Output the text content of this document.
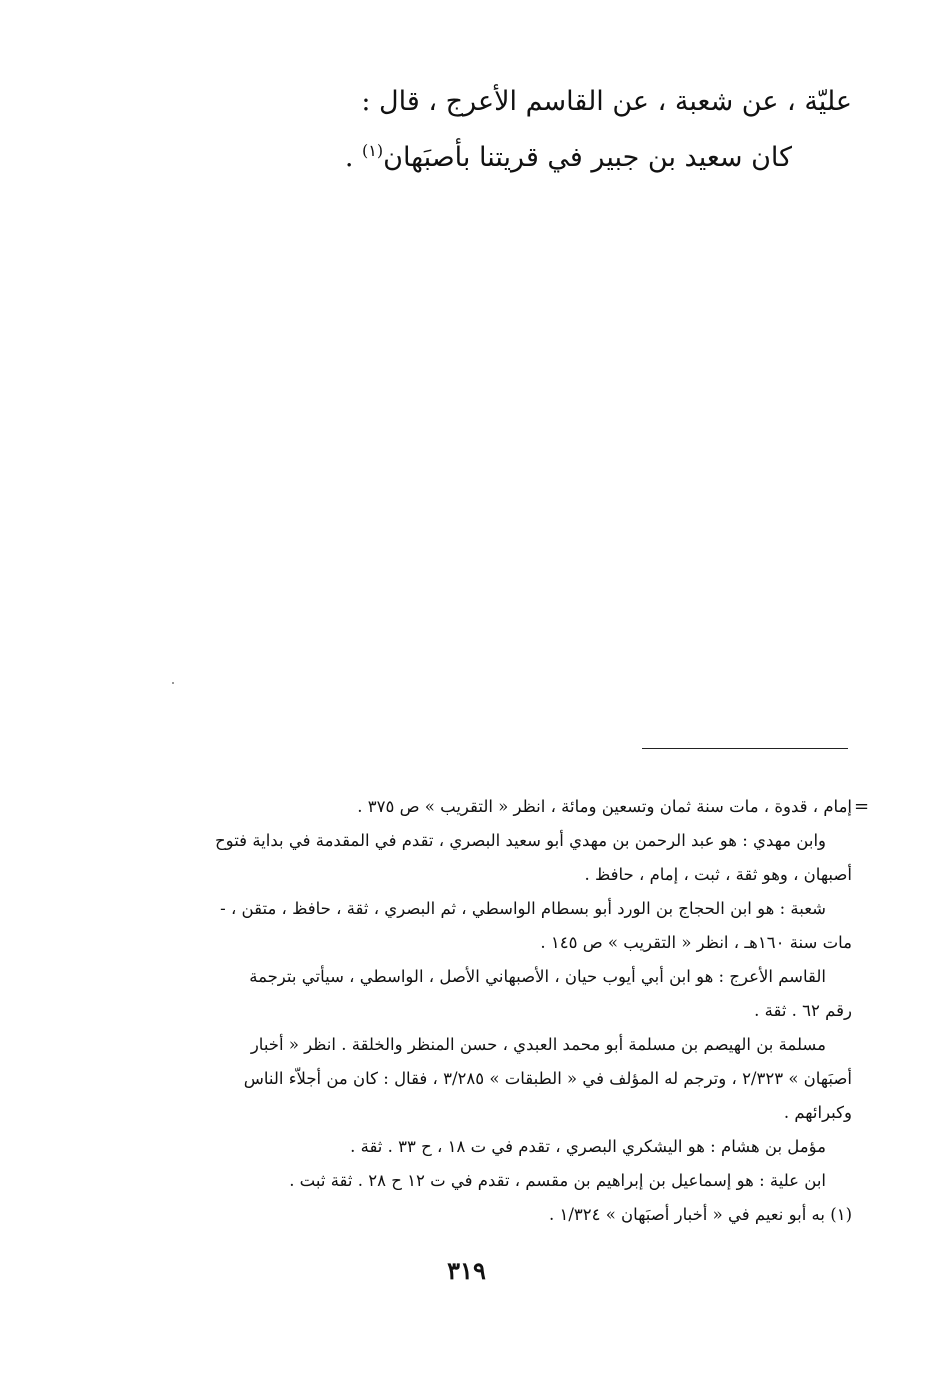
عليّة ، عن شعبة ، عن القاسم الأعرج ، قال :
كان سعيد بن جبير في قريتنا بأصبَهان$^{(١)}$ .
=
إمام ، قدوة ، مات سنة ثمان وتسعين ومائة ، انظر « التقريب » ص ٣٧٥ .
وابن مهدي : هو عبد الرحمن بن مهدي أبو سعيد البصري ، تقدم في المقدمة في بداية فتوح
أصبهان ، وهو ثقة ، ثبت ، إمام ، حافظ .
شعبة : هو ابن الحجاج بن الورد أبو بسطام الواسطي ، ثم البصري ، ثقة ، حافظ ، متقن ، -
مات سنة ١٦٠هـ ، انظر « التقريب » ص ١٤٥ .
القاسم الأعرج : هو ابن أبي أيوب حيان ، الأصبهاني الأصل ، الواسطي ، سيأتي بترجمة
رقم ٦٢ . ثقة .
مسلمة بن الهيصم بن مسلمة أبو محمد العبدي ، حسن المنظر والخلقة . انظر « أخبار
أصبَهان » ٢/٣٢٣ ، وترجم له المؤلف في « الطبقات » ٣/٢٨٥ ، فقال : كان من أجلاّء الناس
وكبرائهم .
مؤمل بن هشام : هو اليشكري البصري ، تقدم في ت ١٨ ، ح ٣٣ . ثقة .
ابن علية : هو إسماعيل بن إبراهيم بن مقسم ، تقدم في ت ١٢ ح ٢٨ . ثقة ثبت .
(١) به أبو نعيم في « أخبار أصبَهان » ١/٣٢٤ .
٣١٩
